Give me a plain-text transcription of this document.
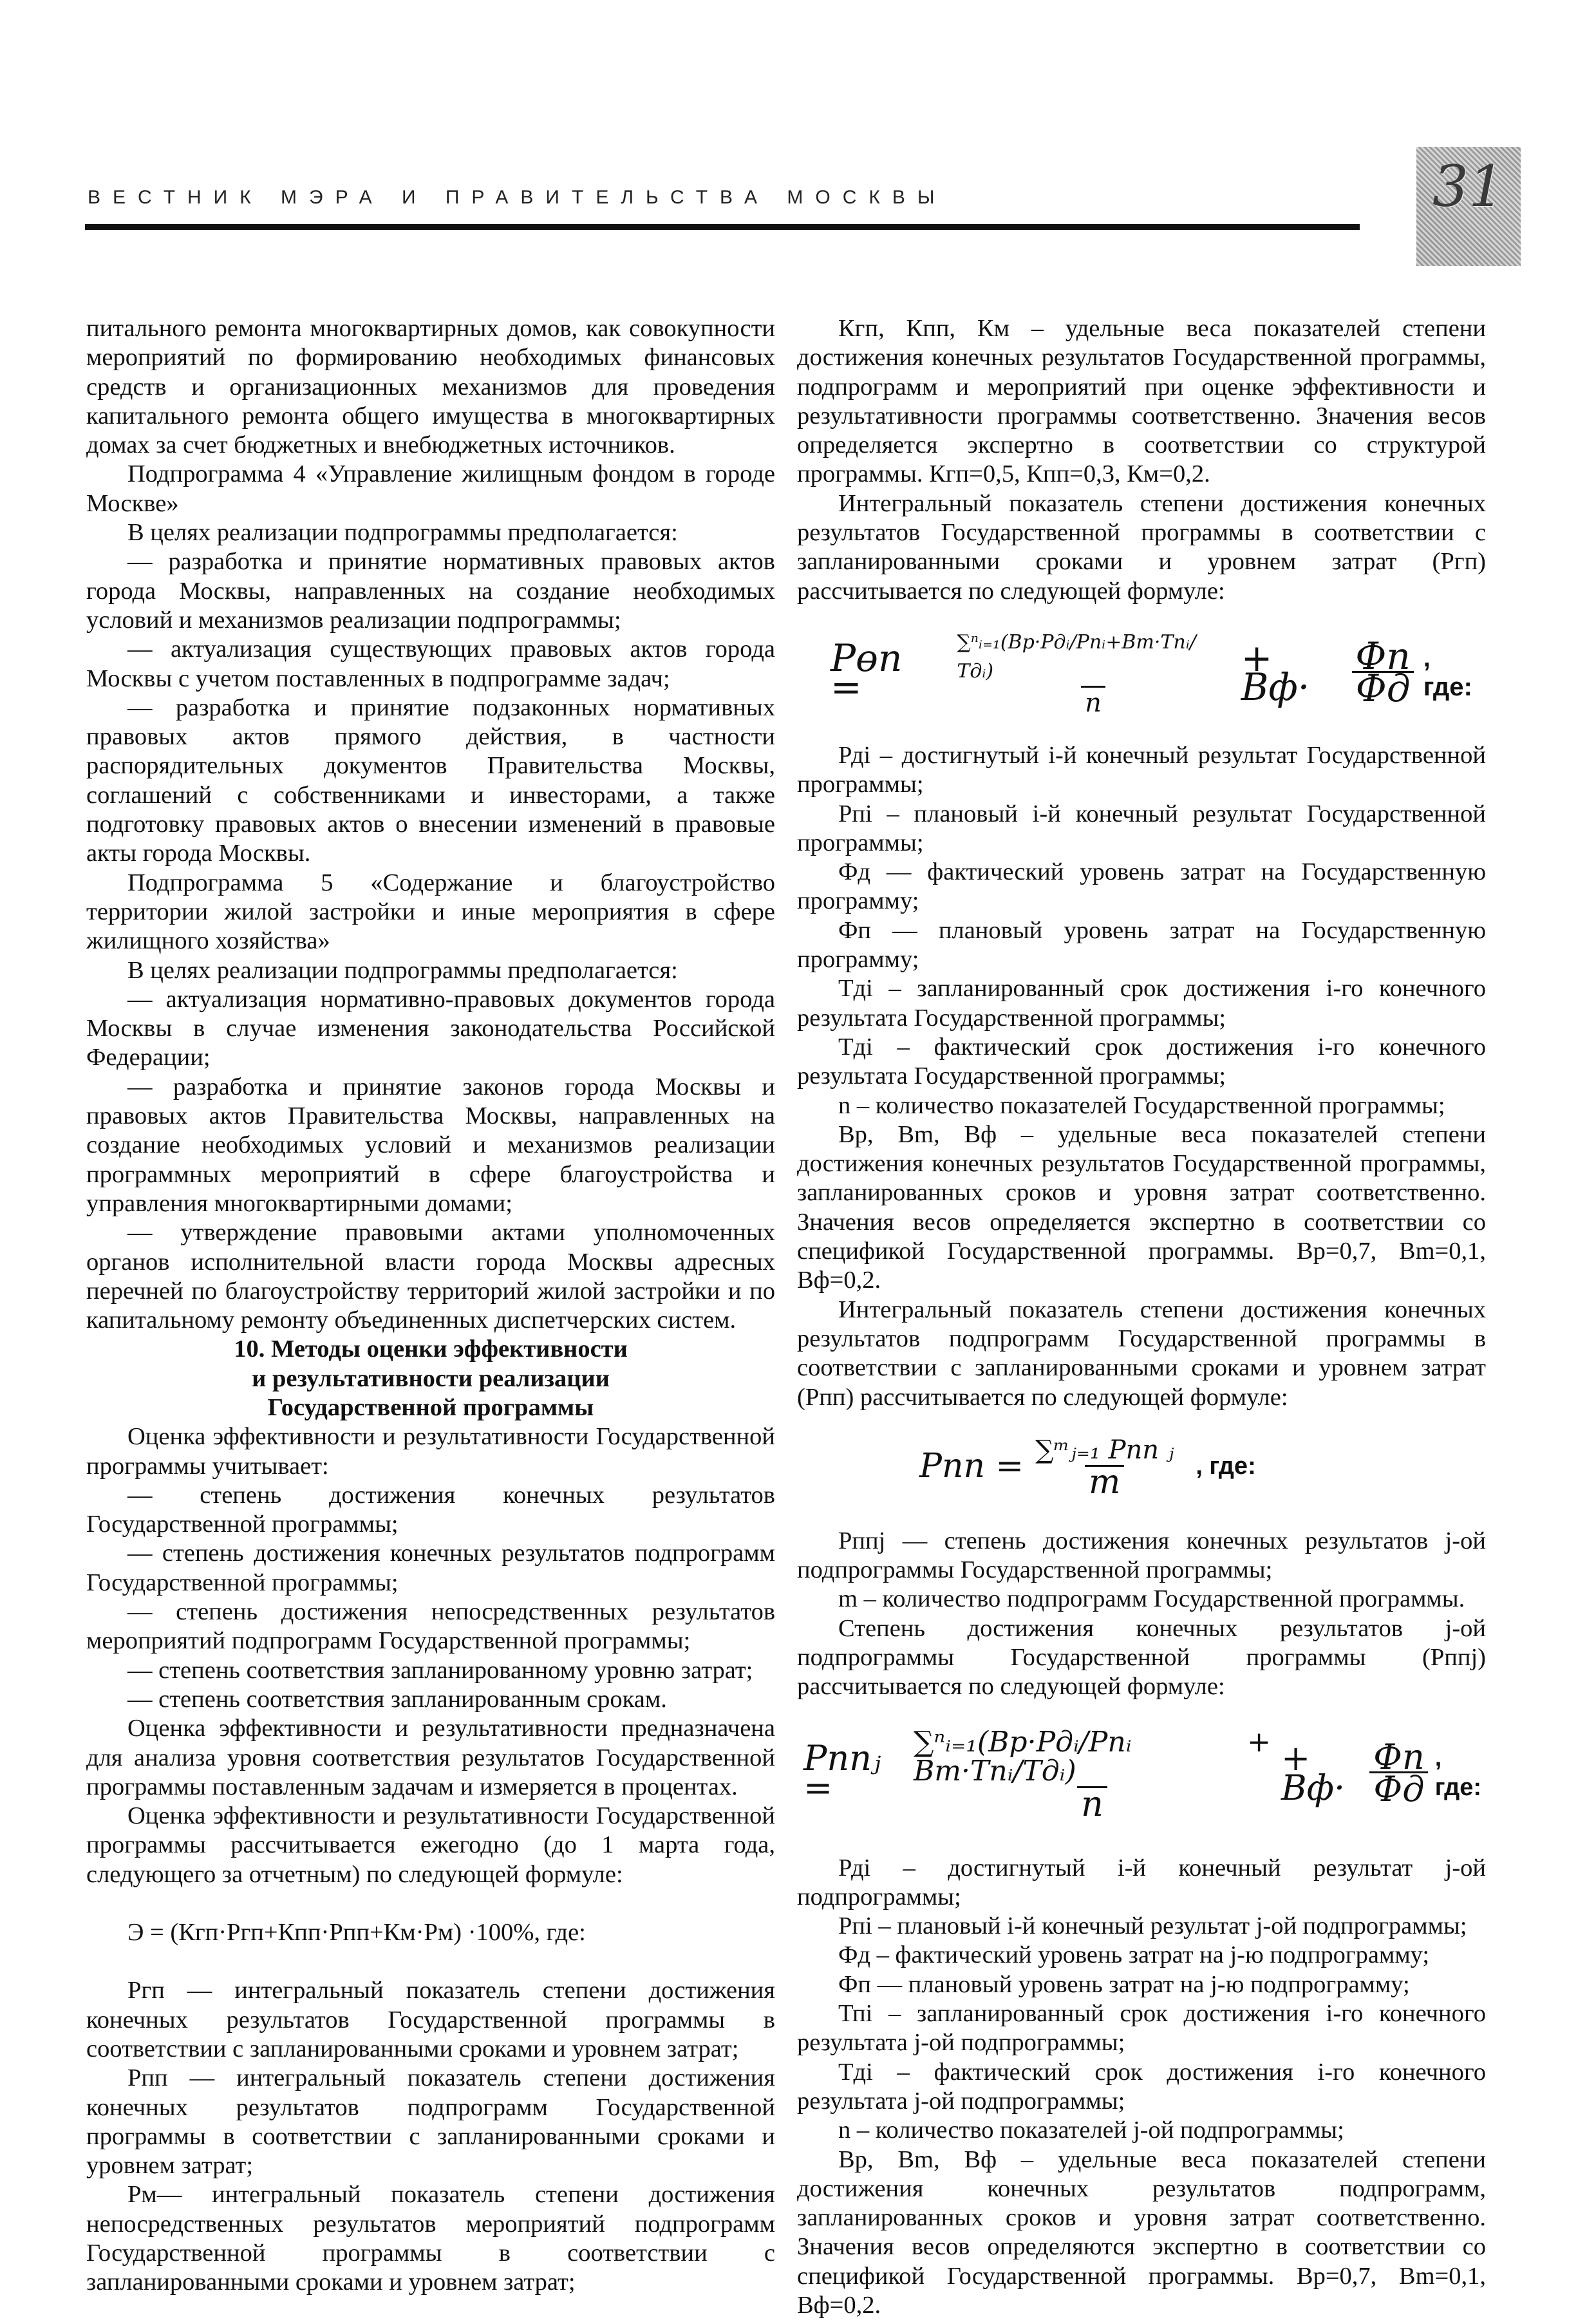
ВЕСТНИК МЭРА И ПРАВИТЕЛЬСТВА МОСКВЫ	31

питального ремонта многоквартирных домов, как совокупности мероприятий по формированию необходимых финансовых средств и организационных механизмов для проведения капитального ремонта общего имущества в многоквартирных домах за счет бюджетных и внебюджетных источников.

Подпрограмма 4 «Управление жилищным фондом в городе Москве»

В целях реализации подпрограммы предполагается:

— разработка и принятие нормативных правовых актов города Москвы, направленных на создание необходимых условий и механизмов реализации подпрограммы;

— актуализация существующих правовых актов города Москвы с учетом поставленных в подпрограмме задач;

— разработка и принятие подзаконных нормативных правовых актов прямого действия, в частности распорядительных документов Правительства Москвы, соглашений с собственниками и инвесторами, а также подготовку правовых актов о внесении изменений в правовые акты города Москвы.

Подпрограмма 5 «Содержание и благоустройство территории жилой застройки и иные мероприятия в сфере жилищного хозяйства»

В целях реализации подпрограммы предполагается:

— актуализация нормативно-правовых документов города Москвы в случае изменения законодательства Российской Федерации;

— разработка и принятие законов города Москвы и правовых актов Правительства Москвы, направленных на создание необходимых условий и механизмов реализации программных мероприятий в сфере благоустройства и управления многоквартирными домами;

— утверждение правовыми актами уполномоченных органов исполнительной власти города Москвы адресных перечней по благоустройству территорий жилой застройки и по капитальному ремонту объединенных диспетчерских систем.

10. Методы оценки эффективности

и результативности реализации

Государственной программы

Оценка эффективности и результативности Государственной программы учитывает:

— степень достижения конечных результатов Государственной программы;

— степень достижения конечных результатов подпрограмм Государственной программы;

— степень достижения непосредственных результатов мероприятий подпрограмм Государственной программы;

— степень соответствия запланированному уровню затрат;

— степень соответствия запланированным срокам.

Оценка эффективности и результативности предназначена для анализа уровня соответствия результатов Государственной программы поставленным задачам и измеряется в процентах.

Оценка эффективности и результативности Государственной программы рассчитывается ежегодно (до 1 марта года, следующего за отчетным) по следующей формуле:

Э = (Кгп·Ргп+Кпп·Рпп+Км·Рм) ·100%, где:

Ргп — интегральный показатель степени достижения конечных результатов Государственной программы в соответствии с запланированными сроками и уровнем затрат;

Рпп — интегральный показатель степени достижения конечных результатов подпрограмм Государственной программы в соответствии с запланированными сроками и уровнем затрат;

Рм— интегральный показатель степени достижения непосредственных результатов мероприятий подпрограмм Государственной программы в соответствии с запланированными сроками и уровнем затрат;

Кгп, Кпп, Км – удельные веса показателей степени достижения конечных результатов Государственной программы, подпрограмм и мероприятий при оценке эффективности и результативности программы соответственно. Значения весов определяется экспертно в соответствии со структурой программы. Кгп=0,5, Кпп=0,3, Км=0,2.

Интегральный показатель степени достижения конечных результатов Государственной программы в соответствии с запланированными сроками и уровнем затрат (Ргп) рассчитывается по следующей формуле:

Рөп =	$\frac{\text{∑ⁿᵢ₌₁(Вр·Рдᵢ/Рпᵢ+Вт·Тпᵢ/Тдᵢ)}}{n} + Вф\cdot$	$\frac{Фп}{Фд}$ , где:

Рдi – достигнутый i-й конечный результат Государственной программы;

Рпi – плановый i-й конечный результат Государственной программы;

Фд — фактический уровень затрат на Государственную программу;

Фп — плановый уровень затрат на Государственную программу;

Тдi – запланированный срок достижения i-го конечного результата Государственной программы;

Тдi – фактический срок достижения i-го конечного результата Государственной программы;

n – количество показателей Государственной программы;

Вр, Вm, Вф – удельные веса показателей степени достижения конечных результатов Государственной программы, запланированных сроков и уровня затрат соответственно. Значения весов определяется экспертно в соответствии со спецификой Государственной программы. Вр=0,7, Вm=0,1, Вф=0,2.

Интегральный показатель степени достижения конечных результатов подпрограмм Государственной программы в соответствии с запланированными сроками и уровнем затрат (Рпп) рассчитывается по следующей формуле:

Рпп = $\frac{\text{∑ᵐⱼ₌₁ Рпп ⱼ}}{m}$ , где:

Рппj — степень достижения конечных результатов j-ой подпрограммы Государственной программы;

m – количество подпрограмм Государственной программы.

Степень достижения конечных результатов j-ой подпрограммы Государственной программы (Рппj) рассчитывается по следующей формуле:

Рппⱼ =	$\frac{\text{∑ⁿᵢ₌₁(Вр·Рдᵢ/Рпᵢ + Вт·Тпᵢ/Тдᵢ)}}{n} + Вф\cdot \frac{Фп}{Фд}$ , где:

Рдi – достигнутый i-й конечный результат j-ой подпрограммы;

Рпi – плановый i-й конечный результат j-ой подпрограммы;

Фд – фактический уровень затрат на j-ю подпрограмму;

Фп — плановый уровень затрат на j-ю подпрограмму;

Тпi – запланированный срок достижения i-го конечного результата j-ой подпрограммы;

Тдi – фактический срок достижения i-го конечного результата j-ой подпрограммы;

n – количество показателей j-ой подпрограммы;

Вр, Вm, Вф – удельные веса показателей степени достижения конечных результатов подпрограмм, запланированных сроков и уровня затрат соответственно. Значения весов определяются экспертно в соответствии со спецификой Государственной программы. Вр=0,7, Вm=0,1, Вф=0,2.
